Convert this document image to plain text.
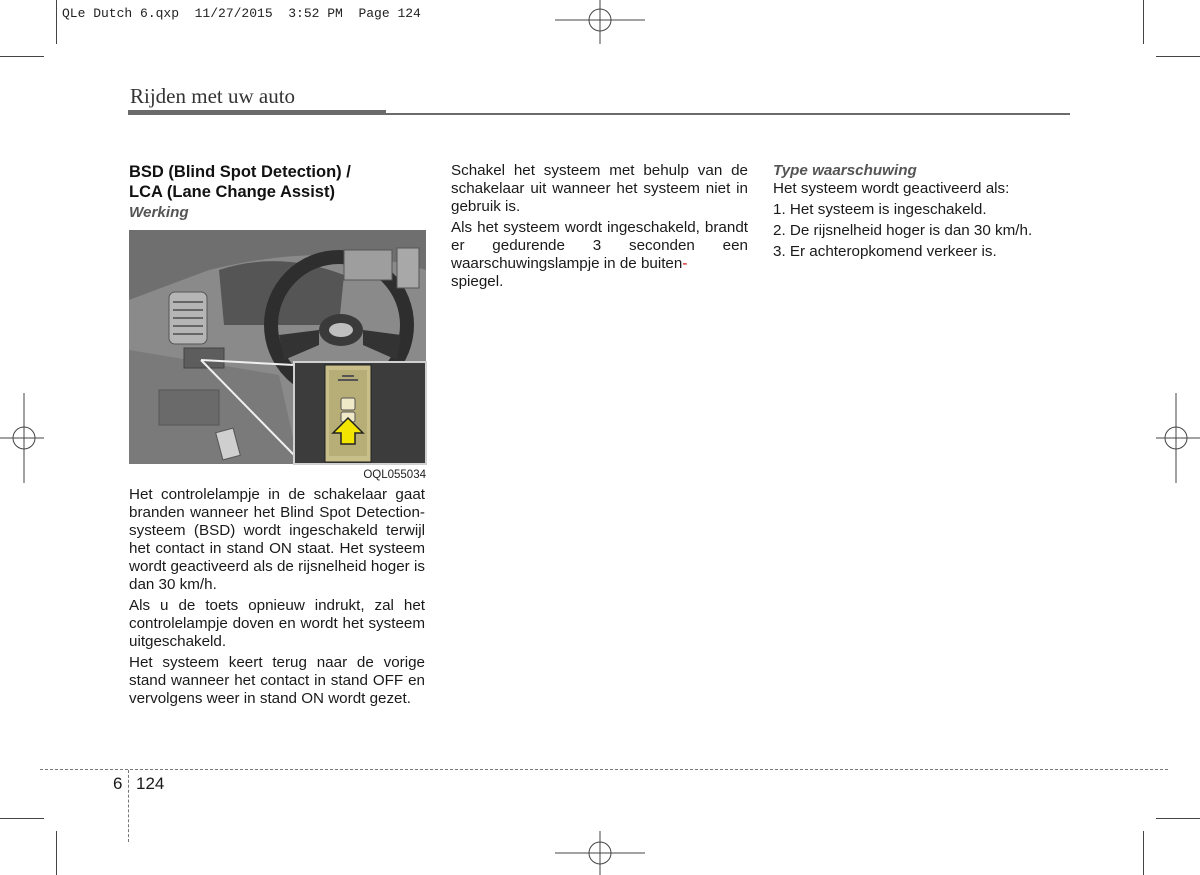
QLe Dutch 6.qxp  11/27/2015  3:52 PM  Page 124
Rijden met uw auto
BSD (Blind Spot Detection) /
LCA (Lane Change Assist)
Werking
OQL055034

Het controlelampje in de schakelaar gaat branden wanneer het Blind Spot Detection-systeem (BSD) wordt ingeschakeld terwijl het contact in stand ON staat. Het systeem wordt geactiveerd als de rijsnelheid hoger is dan 30 km/h.

Als u de toets opnieuw indrukt, zal het controlelampje doven en wordt het systeem uitgeschakeld.

Het systeem keert terug naar de vorige stand wanneer het contact in stand OFF en vervolgens weer in stand ON wordt gezet.

Schakel het systeem met behulp van de schakelaar uit wanneer het systeem niet in gebruik is.

Als het systeem wordt ingeschakeld, brandt er gedurende 3 seconden een waarschuwingslampje in de buiten-
spiegel.

Type waarschuwing

Het systeem wordt geactiveerd als:

1. Het systeem is ingeschakeld.
2. De rijsnelheid hoger is dan 30 km/h.
3. Er achteropkomend verkeer is.
6 124
